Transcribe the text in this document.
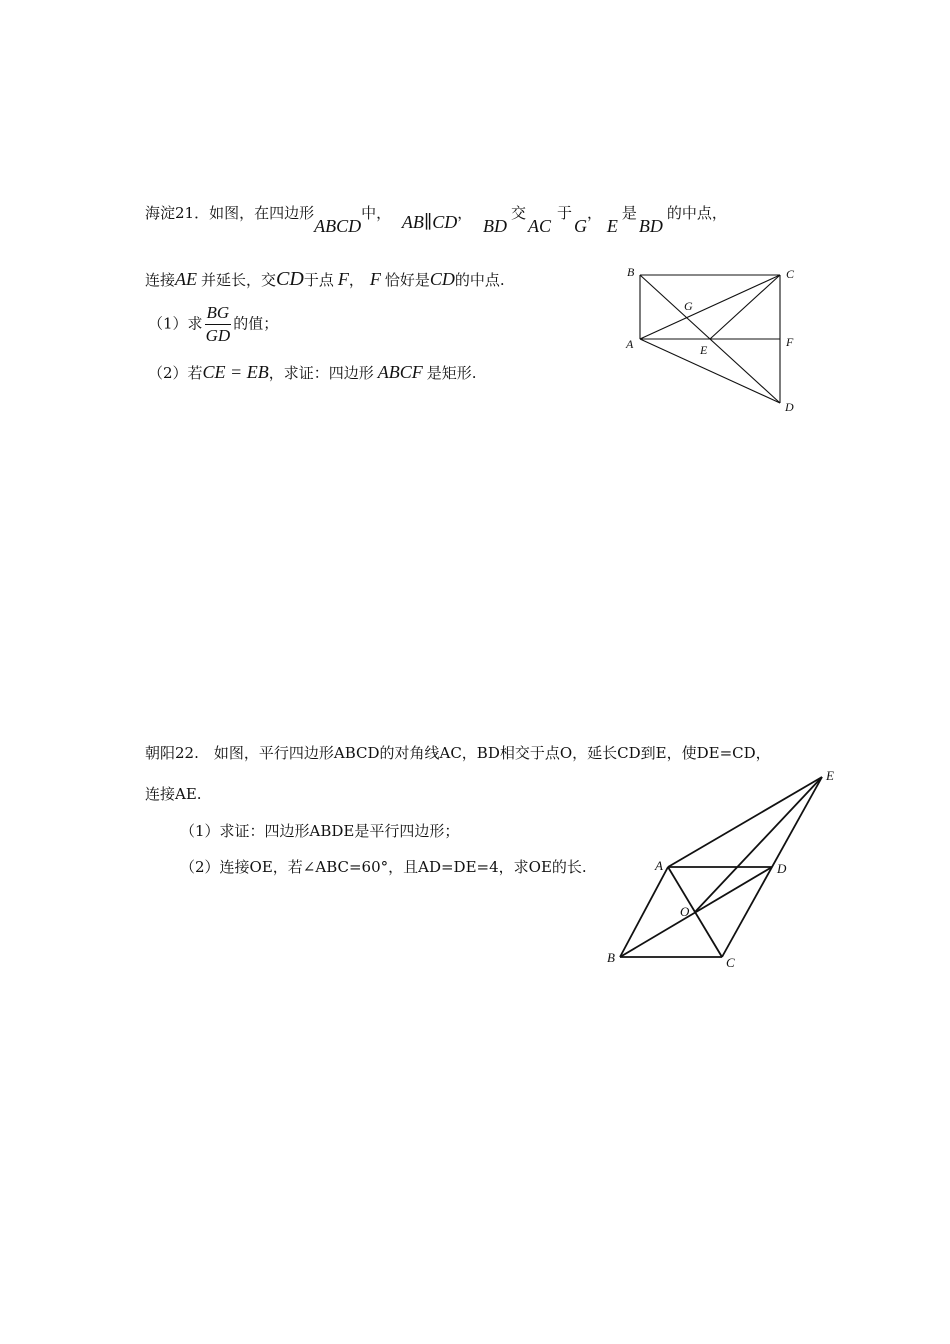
海淀21．如图，在四边形ABCD中， AB∥CD， BD交AC于G， E是BD的中点，
连接AE 并延长，交CD于点 F， F 恰好是CD的中点.
（1）求 $\frac{BG}{GD}$ 的值；
（2）若CE = EB，求证：四边形 ABCF 是矩形.
B	C
G
A	E
F
D
朝阳22.　如图，平行四边形ABCD的对角线AC，BD相交于点O，延长CD到E，使DE=CD，
连接AE.
（1）求证：四边形ABDE是平行四边形；
（2）连接OE，若∠ABC=60°，且AD=DE=4，求OE的长.
E
A	D
O
B	C
